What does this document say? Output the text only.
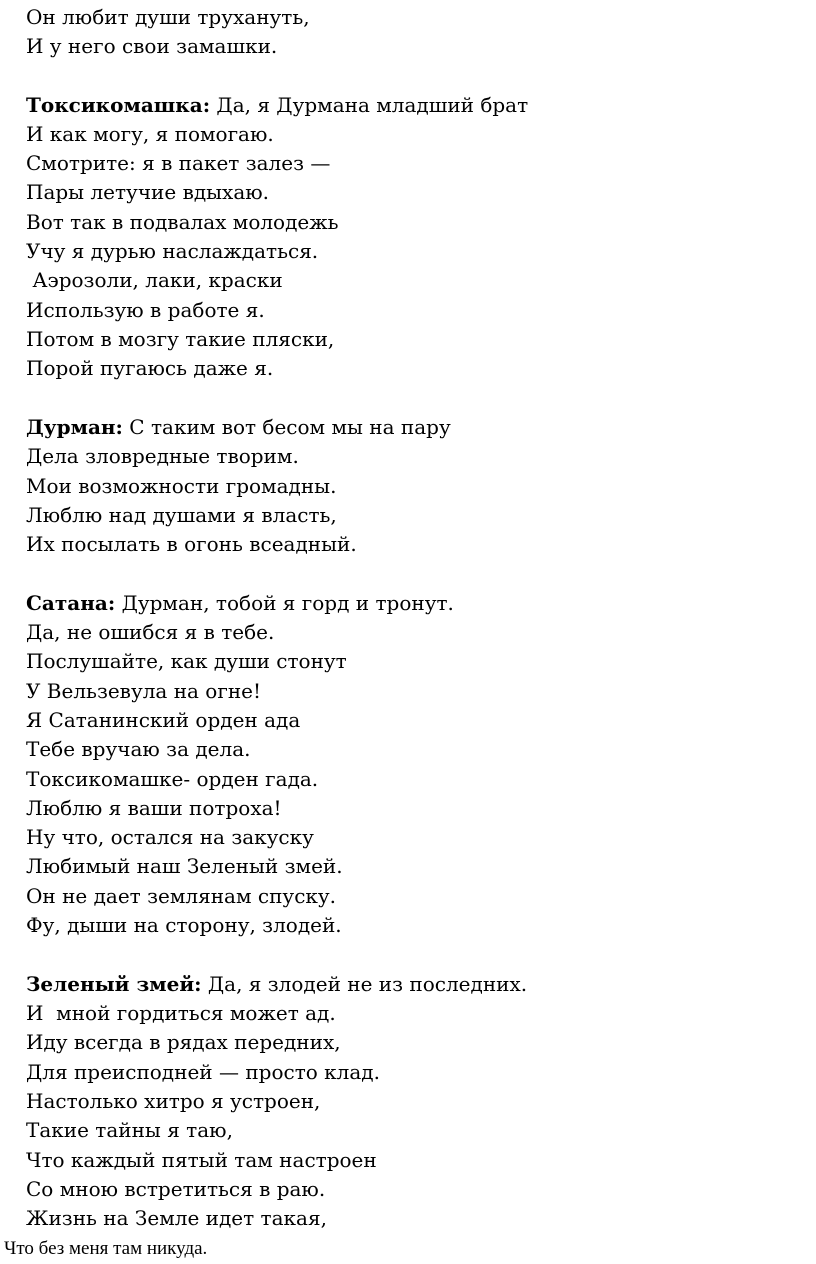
Он любит души трухануть,
И у него свои замашки.
Токсикомашка: Да, я Дурмана младший брат
И как могу, я помогаю.
Смотрите: я в пакет залез —
Пары летучие вдыхаю.
Вот так в подвалах молодежь
Учу я дурью наслаждаться.
Аэрозоли, лаки, краски
Использую в работе я.
Потом в мозгу такие пляски,
Порой пугаюсь даже я.
Дурман: С таким вот бесом мы на пару
Дела зловредные творим.
Мои возможности громадны.
Люблю над душами я власть,
Их посылать в огонь всеадный.
Сатана: Дурман, тобой я горд и тронут.
Да, не ошибся я в тебе.
Послушайте, как души стонут
У Вельзевула на огне!
Я Сатанинский орден ада
Тебе вручаю за дела.
Токсикомашке- орден гада.
Люблю я ваши потроха!
Ну что, остался на закуску
Любимый наш Зеленый змей.
Он не дает землянам спуску.
Фу, дыши на сторону, злодей.
Зеленый змей: Да, я злодей не из последних.
И  мной гордиться может ад.
Иду всегда в рядах передних,
Для преисподней — просто клад.
Настолько хитро я устроен,
Такие тайны я таю,
Что каждый пятый там настроен
Со мною встретиться в раю.
Жизнь на Земле идет такая,
Что без меня там никуда.
